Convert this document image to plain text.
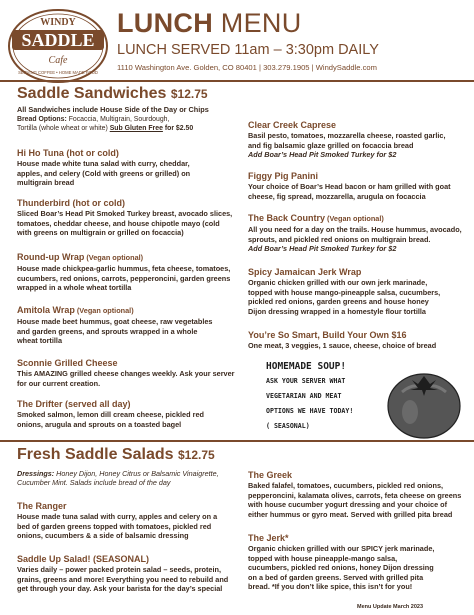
WINDY
SADDLE
Cafe
SERVING COFFEE • HOME MADE FOOD
LUNCH MENU
LUNCH SERVED 11am – 3:30pm DAILY
1110 Washington Ave. Golden, CO 80401 | 303.279.1905 | WindySaddle.com
Saddle Sandwiches $12.75
All Sandwiches include House Side of the Day or Chips
Bread Options: Focaccia, Multigrain, Sourdough,
Tortilla (whole wheat or white) Sub Gluten Free for $2.50
Hi Ho Tuna (hot or cold)
House made white tuna salad with curry, cheddar,
apples, and celery (Cold with greens or grilled) on
multigrain bread
Thunderbird (hot or cold)
Sliced Boar’s Head Pit Smoked Turkey breast, avocado slices,
tomatoes, cheddar cheese, and house chipotle mayo (cold
with greens on multigrain or grilled on focaccia)
Round-up Wrap (Vegan optional)
House made chickpea-garlic hummus, feta cheese, tomatoes,
cucumbers, red onions, carrots, pepperoncini, garden greens
wrapped in a whole wheat tortilla
Amitola Wrap (Vegan optional)
House made beet hummus, goat cheese, raw vegetables
and garden greens, and sprouts wrapped in a whole
wheat tortilla
Sconnie Grilled Cheese
This AMAZING grilled cheese changes weekly. Ask your server
for our current creation.
The Drifter (served all day)
Smoked salmon, lemon dill cream cheese, pickled red
onions, arugula and sprouts on a toasted bagel
Clear Creek Caprese
Basil pesto, tomatoes, mozzarella cheese, roasted garlic,
and fig balsamic glaze grilled on focaccia bread
Add Boar’s Head Pit Smoked Turkey for $2
Figgy Pig Panini
Your choice of Boar’s Head bacon or ham grilled with goat
cheese, fig spread, mozzarella, arugula on focaccia
The Back Country (Vegan optional)
All you need for a day on the trails. House hummus, avocado,
sprouts, and pickled red onions on multigrain bread.
Add Boar’s Head Pit Smoked Turkey for $2
Spicy Jamaican Jerk Wrap
Organic chicken grilled with our own jerk marinade,
topped with house mango-pineapple salsa, cucumbers,
pickled red onions, garden greens and house honey
Dijon dressing wrapped in a homestyle flour tortilla
You’re So Smart, Build Your Own $16
One meat, 3 veggies, 1 sauce, cheese, choice of bread
HOMEMADE SOUP!
ASK YOUR SERVER WHAT
VEGETARIAN AND MEAT
OPTIONS WE HAVE TODAY!
( SEASONAL)
Fresh Saddle Salads $12.75
Dressings: Honey Dijon, Honey Citrus or Balsamic Vinaigrette,
Cucumber Mint. Salads include bread of the day
The Ranger
House made tuna salad with curry, apples and celery on a
bed of garden greens topped with tomatoes, pickled red
onions, cucumbers & a side of balsamic dressing
Saddle Up Salad! (SEASONAL)
Varies daily – power packed protein salad – seeds, protein,
grains, greens and more! Everything you need to rebuild and
get through your day. Ask your barista for the day’s special
The Greek
Baked falafel, tomatoes, cucumbers, pickled red onions,
pepperoncini, kalamata olives, carrots, feta cheese on greens
with house cucumber yogurt dressing and your choice of
either hummus or gyro meat. Served with grilled pita bread
The Jerk*
Organic chicken grilled with our SPICY jerk marinade,
topped with house pineapple-mango salsa,
cucumbers, pickled red onions, honey Dijon dressing
on a bed of garden greens. Served with grilled pita
bread. *If you don’t like spice, this isn’t for you!
Menu Update March 2023
